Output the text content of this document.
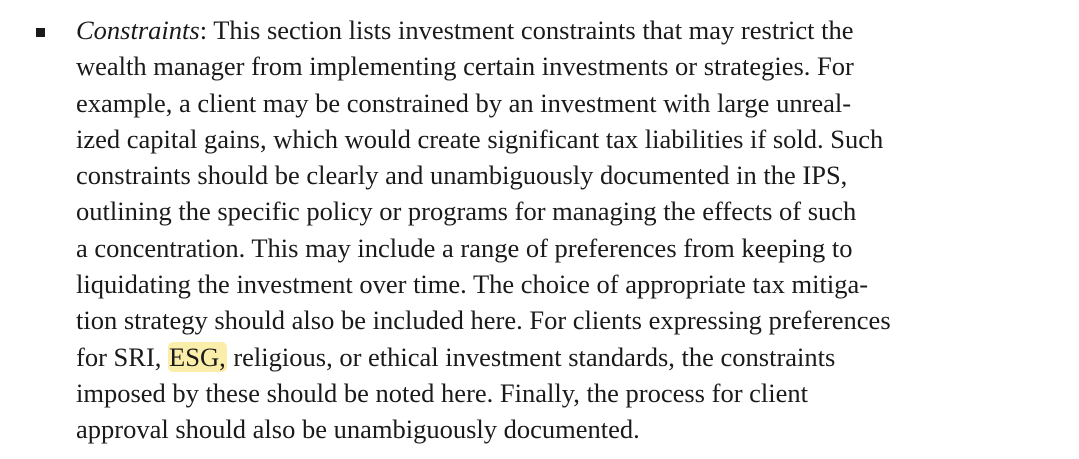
Constraints: This section lists investment constraints that may restrict the
wealth manager from implementing certain investments or strategies. For
example, a client may be constrained by an investment with large unreal-
ized capital gains, which would create significant tax liabilities if sold. Such
constraints should be clearly and unambiguously documented in the IPS,
outlining the specific policy or programs for managing the effects of such
a concentration. This may include a range of preferences from keeping to
liquidating the investment over time. The choice of appropriate tax mitiga-
tion strategy should also be included here. For clients expressing preferences
for SRI, ESG, religious, or ethical investment standards, the constraints
imposed by these should be noted here. Finally, the process for client
approval should also be unambiguously documented.
